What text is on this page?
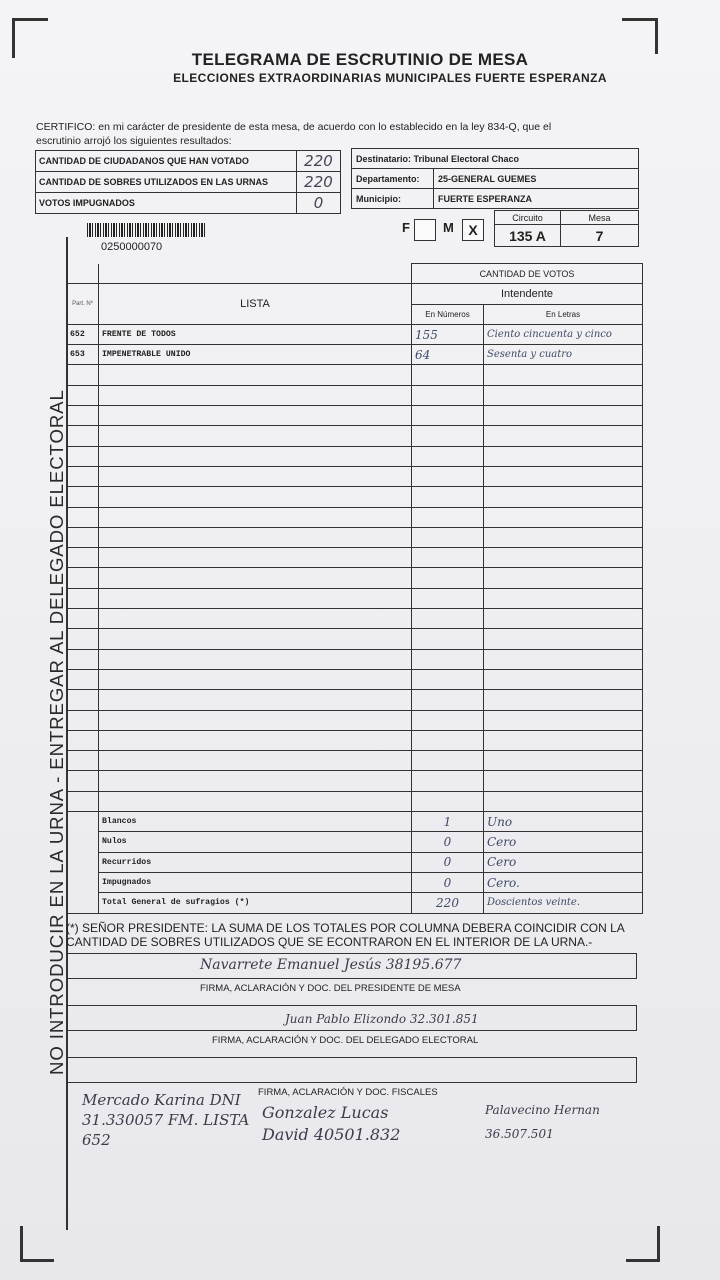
TELEGRAMA DE ESCRUTINIO DE MESA
ELECCIONES EXTRAORDINARIAS MUNICIPALES FUERTE ESPERANZA
CERTIFICO: en mi carácter de presidente de esta mesa, de acuerdo con lo establecido en la ley 834-Q, que el escrutinio arrojó los siguientes resultados:
CANTIDAD DE CIUDADANOS QUE HAN VOTADO	220
CANTIDAD DE SOBRES UTILIZADOS EN LAS URNAS	220
VOTOS IMPUGNADOS	0
Destinatario: Tribunal Electoral Chaco	
Departamento:	25-GENERAL GUEMES
Municipio:	FUERTE ESPERANZA
0250000070
F	M	X
Circuito	Mesa
135 A	7
NO INTRODUCIR EN LA URNA - ENTREGAR AL DELEGADO ELECTORAL
		CANTIDAD DE VOTOS	
Part. Nº	LISTA	Intendente	
		En Números	En Letras
652	FRENTE DE TODOS	155	Ciento cincuenta y cinco
653	IMPENETRABLE UNIDO	64	Sesenta y cuatro

	Blancos	1	Uno
	Nulos	0	Cero
	Recurridos	0	Cero
	Impugnados	0	Cero.
	Total General de sufragios (*)	220	Doscientos veinte.
(*) SEÑOR PRESIDENTE: LA SUMA DE LOS TOTALES POR COLUMNA DEBERA COINCIDIR CON LA CANTIDAD DE SOBRES UTILIZADOS QUE SE ECONTRARON EN EL INTERIOR DE LA URNA.-
Navarrete Emanuel Jesús 38195.677
FIRMA, ACLARACIÓN Y DOC. DEL PRESIDENTE DE MESA
Juan Pablo Elizondo 32.301.851
FIRMA, ACLARACIÓN Y DOC. DEL DELEGADO ELECTORAL
FIRMA, ACLARACIÓN Y DOC. FISCALES
Mercado Karina DNI 31.330057 FM. LISTA 652
Gonzalez Lucas David 40501.832
Palavecino Hernan 36.507.501
